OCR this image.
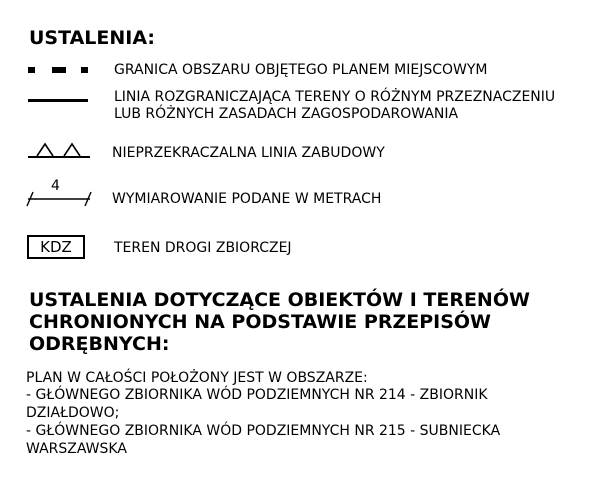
USTALENIA:
GRANICA OBSZARU OBJĘTEGO PLANEM MIEJSCOWYM
LINIA ROZGRANICZAJĄCA TERENY O RÓŻNYM PRZEZNACZENIU
LUB RÓŻNYCH ZASADACH ZAGOSPODAROWANIA
NIEPRZEKRACZALNA LINIA ZABUDOWY
4
WYMIAROWANIE PODANE W METRACH
KDZ	TEREN DROGI ZBIORCZEJ
USTALENIA DOTYCZĄCE OBIEKTÓW I TERENÓW
CHRONIONYCH NA PODSTAWIE PRZEPISÓW
ODRĘBNYCH:
PLAN W CAŁOŚCI POŁOŻONY JEST W OBSZARZE:
- GŁÓWNEGO ZBIORNIKA WÓD PODZIEMNYCH NR 214 - ZBIORNIK
DZIAŁDOWO;
- GŁÓWNEGO ZBIORNIKA WÓD PODZIEMNYCH NR 215 - SUBNIECKA
WARSZAWSKA
